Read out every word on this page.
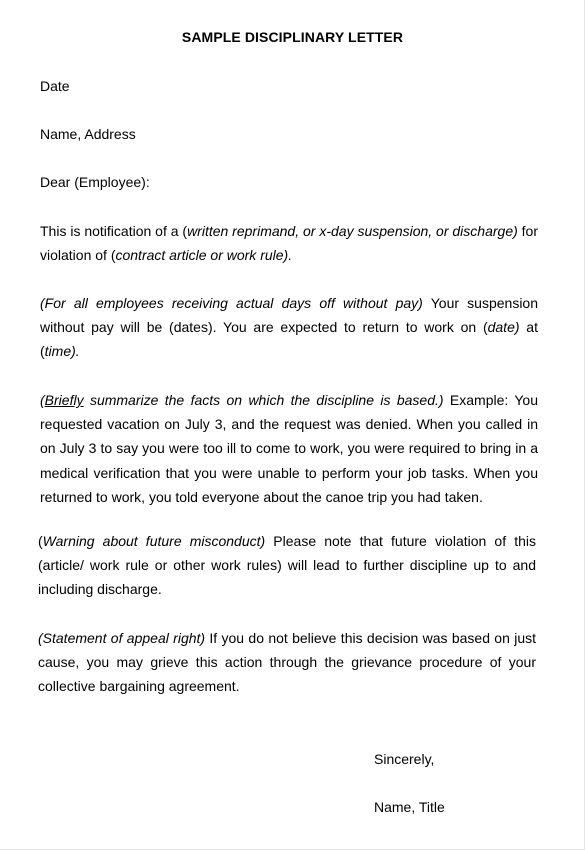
SAMPLE DISCIPLINARY LETTER
Date
Name, Address
Dear (Employee):
This is notification of a (written reprimand, or x-day suspension, or discharge) for violation of (contract article or work rule).
(For all employees receiving actual days off without pay) Your suspension without pay will be (dates). You are expected to return to work on (date) at (time).
(Briefly summarize the facts on which the discipline is based.) Example: You requested vacation on July 3, and the request was denied. When you called in on July 3 to say you were too ill to come to work, you were required to bring in a medical verification that you were unable to perform your job tasks. When you returned to work, you told everyone about the canoe trip you had taken.
(Warning about future misconduct) Please note that future violation of this (article/ work rule or other work rules) will lead to further discipline up to and including discharge.
(Statement of appeal right) If you do not believe this decision was based on just cause, you may grieve this action through the grievance procedure of your collective bargaining agreement.
Sincerely,
Name, Title
